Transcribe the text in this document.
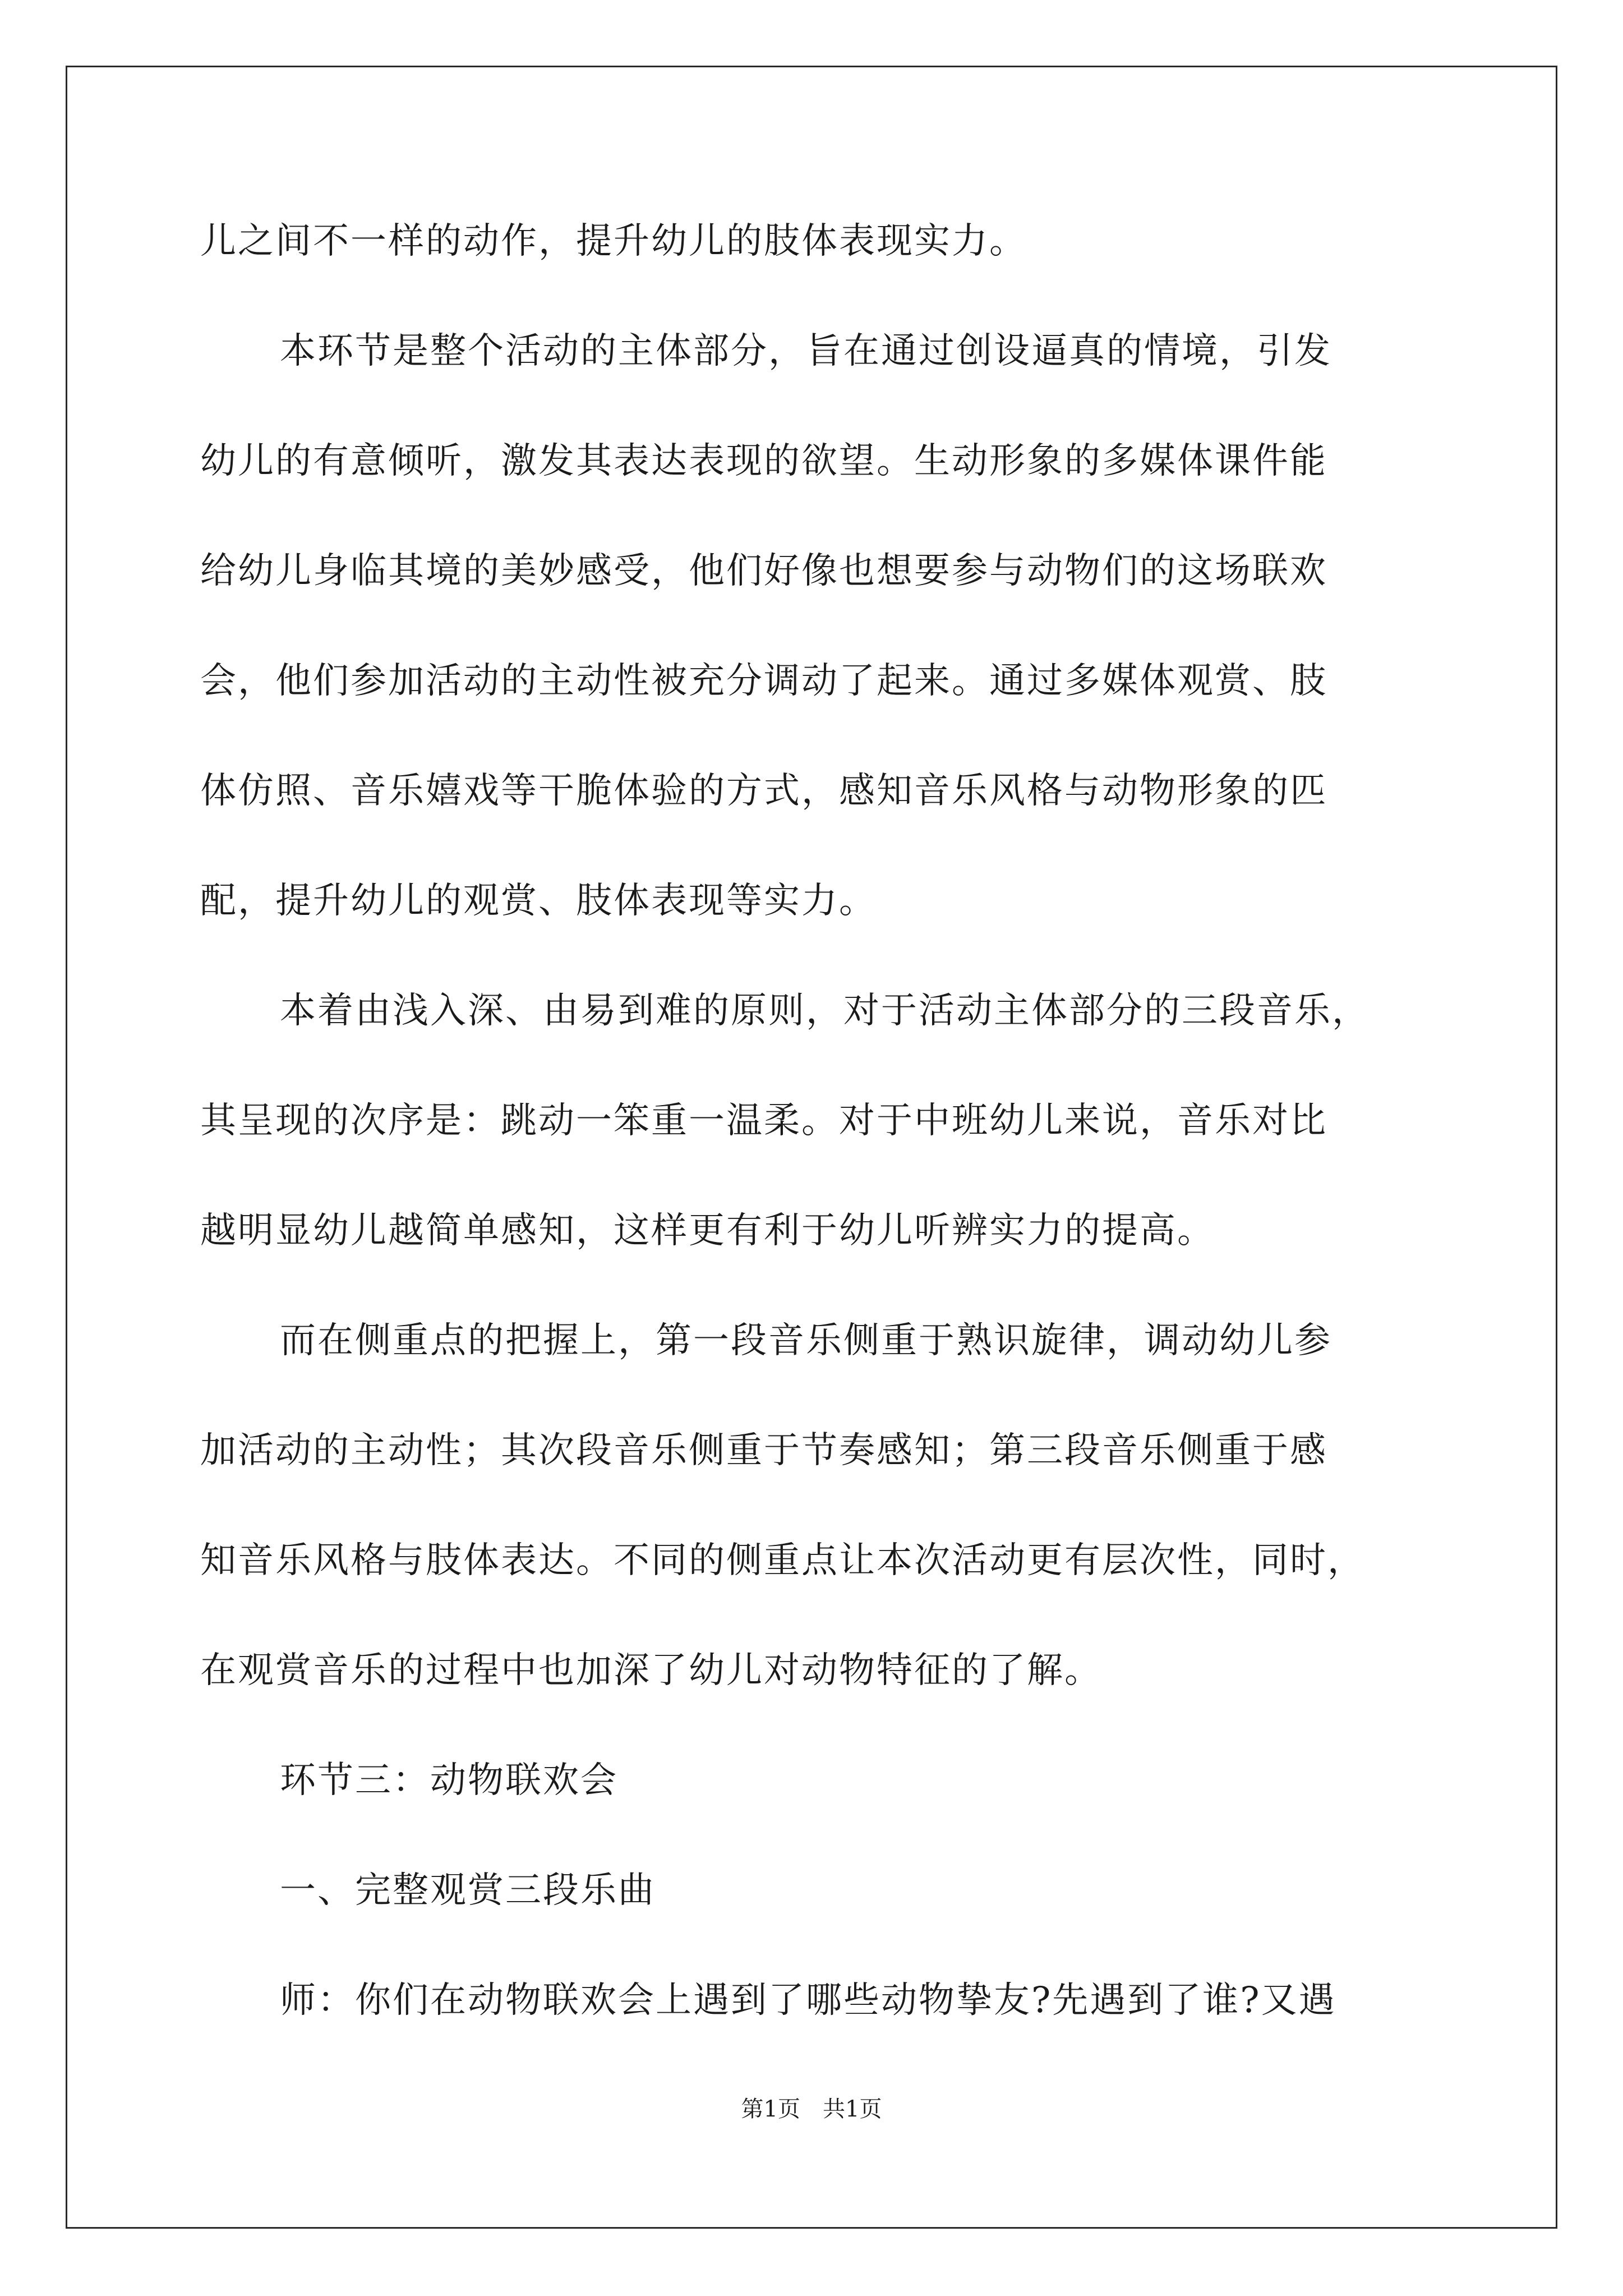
儿之间不一样的动作，提升幼儿的肢体表现实力。
本环节是整个活动的主体部分，旨在通过创设逼真的情境，引发
幼儿的有意倾听，激发其表达表现的欲望。生动形象的多媒体课件能
给幼儿身临其境的美妙感受，他们好像也想要参与动物们的这场联欢
会，他们参加活动的主动性被充分调动了起来。通过多媒体观赏、肢
体仿照、音乐嬉戏等干脆体验的方式，感知音乐风格与动物形象的匹
配，提升幼儿的观赏、肢体表现等实力。
本着由浅入深、由易到难的原则，对于活动主体部分的三段音乐，
其呈现的次序是：跳动一笨重一温柔。对于中班幼儿来说，音乐对比
越明显幼儿越简单感知，这样更有利于幼儿听辨实力的提高。
而在侧重点的把握上，第一段音乐侧重于熟识旋律，调动幼儿参
加活动的主动性；其次段音乐侧重于节奏感知；第三段音乐侧重于感
知音乐风格与肢体表达。不同的侧重点让本次活动更有层次性，同时，
在观赏音乐的过程中也加深了幼儿对动物特征的了解。
环节三：动物联欢会
一、完整观赏三段乐曲
师：你们在动物联欢会上遇到了哪些动物挚友?先遇到了谁?又遇
第1页　共1页
